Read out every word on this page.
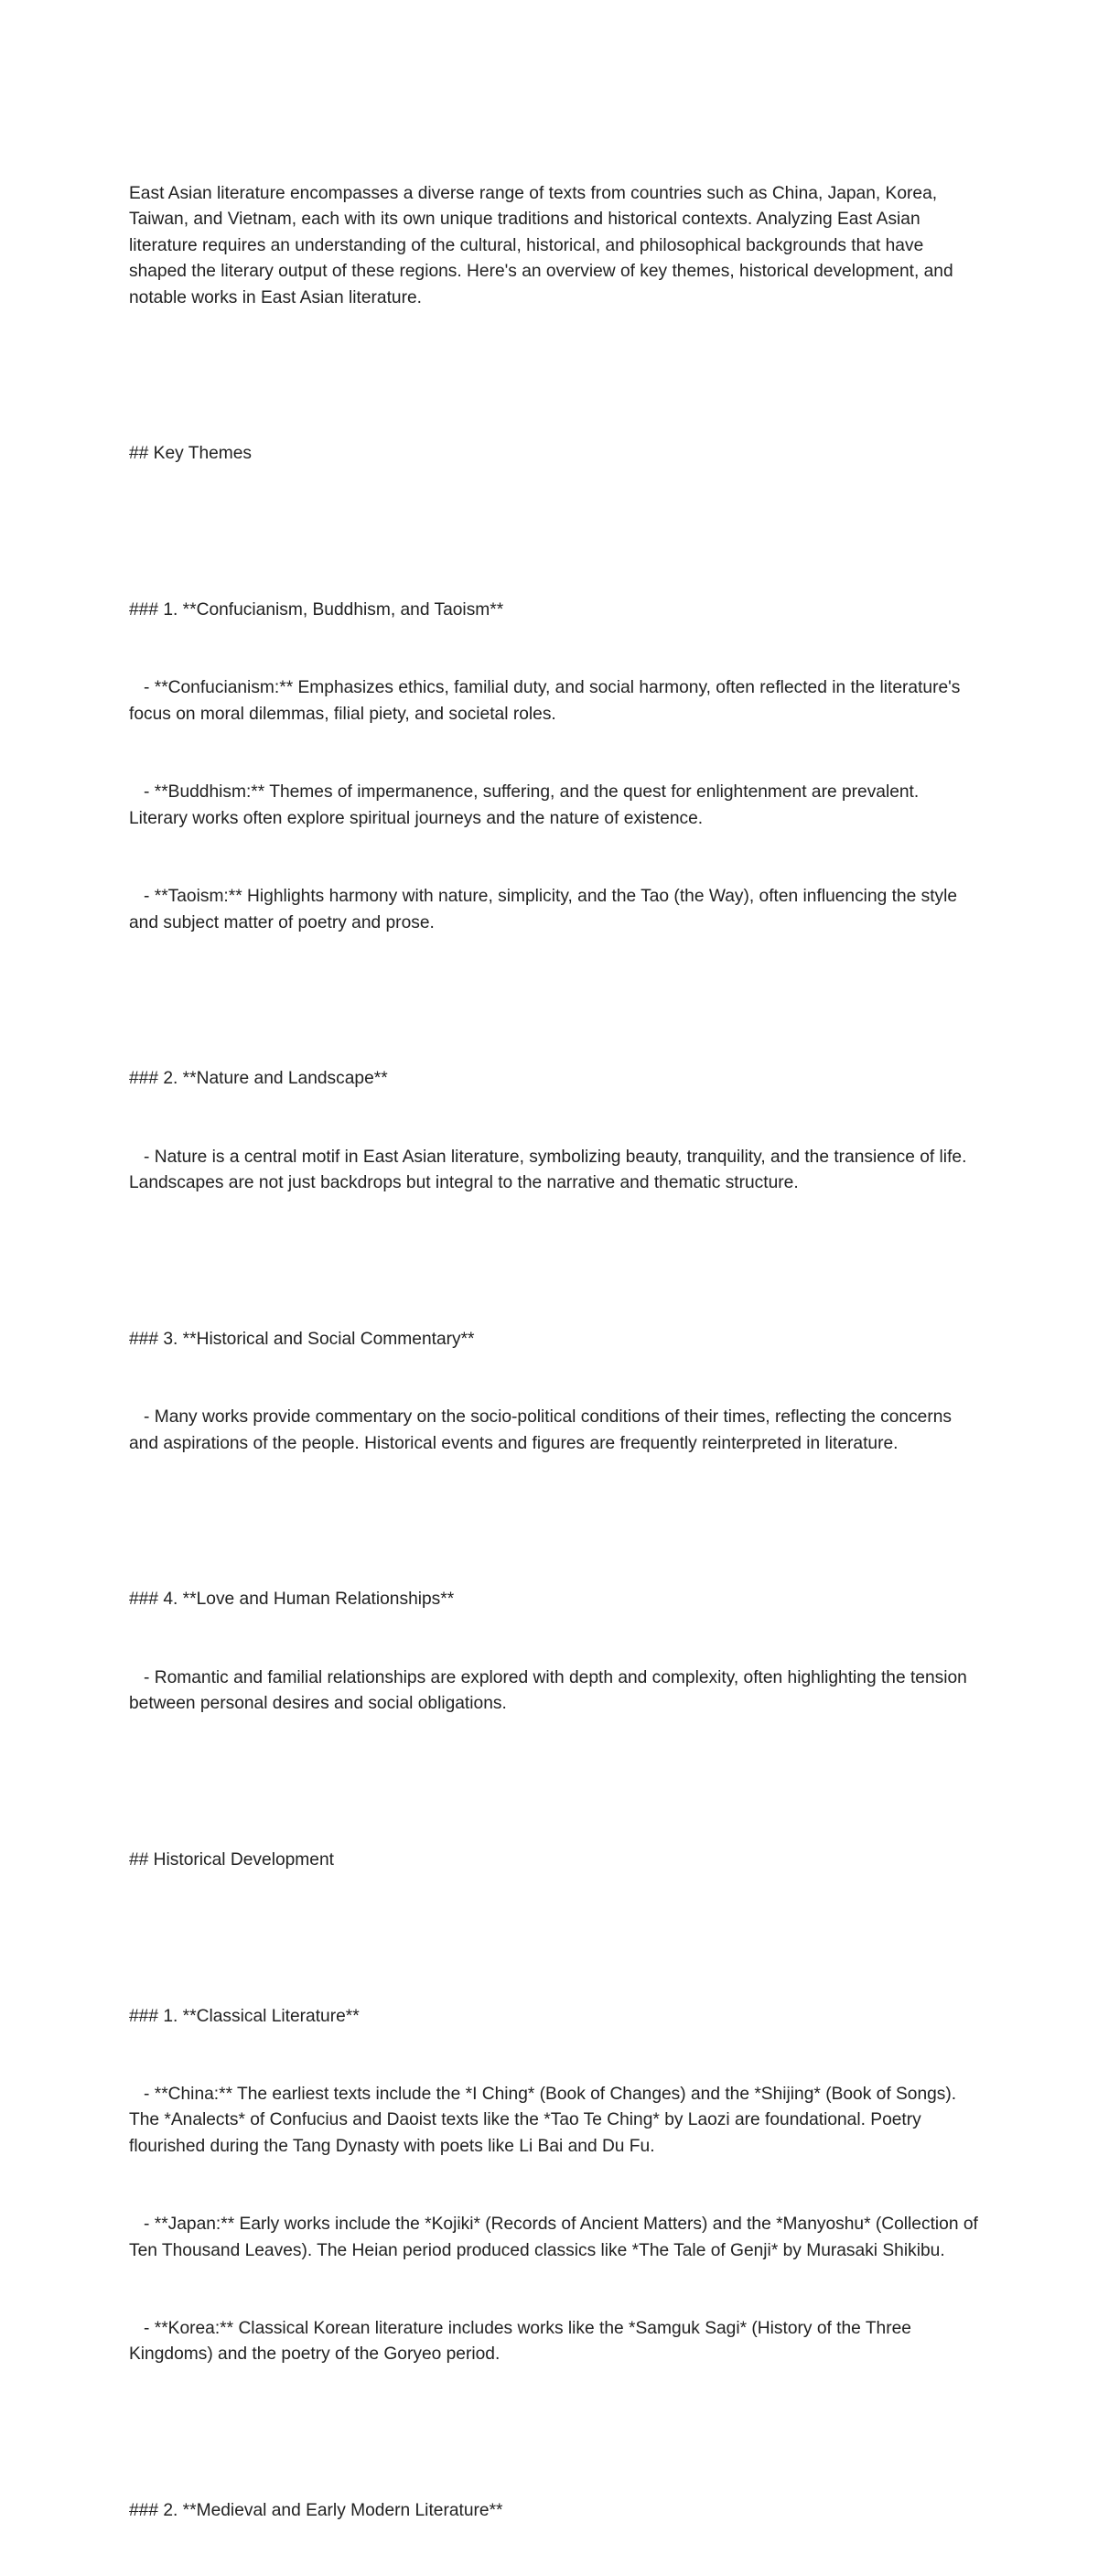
East Asian literature encompasses a diverse range of texts from countries such as China, Japan, Korea, Taiwan, and Vietnam, each with its own unique traditions and historical contexts. Analyzing East Asian literature requires an understanding of the cultural, historical, and philosophical backgrounds that have shaped the literary output of these regions. Here's an overview of key themes, historical development, and notable works in East Asian literature.

## Key Themes

### 1. **Confucianism, Buddhism, and Taoism**

- **Confucianism:** Emphasizes ethics, familial duty, and social harmony, often reflected in the literature's focus on moral dilemmas, filial piety, and societal roles.

- **Buddhism:** Themes of impermanence, suffering, and the quest for enlightenment are prevalent. Literary works often explore spiritual journeys and the nature of existence.

- **Taoism:** Highlights harmony with nature, simplicity, and the Tao (the Way), often influencing the style and subject matter of poetry and prose.

### 2. **Nature and Landscape**

- Nature is a central motif in East Asian literature, symbolizing beauty, tranquility, and the transience of life. Landscapes are not just backdrops but integral to the narrative and thematic structure.

### 3. **Historical and Social Commentary**

- Many works provide commentary on the socio-political conditions of their times, reflecting the concerns and aspirations of the people. Historical events and figures are frequently reinterpreted in literature.

### 4. **Love and Human Relationships**

- Romantic and familial relationships are explored with depth and complexity, often highlighting the tension between personal desires and social obligations.

## Historical Development

### 1. **Classical Literature**

- **China:** The earliest texts include the *I Ching* (Book of Changes) and the *Shijing* (Book of Songs). The *Analects* of Confucius and Daoist texts like the *Tao Te Ching* by Laozi are foundational. Poetry flourished during the Tang Dynasty with poets like Li Bai and Du Fu.

- **Japan:** Early works include the *Kojiki* (Records of Ancient Matters) and the *Manyoshu* (Collection of Ten Thousand Leaves). The Heian period produced classics like *The Tale of Genji* by Murasaki Shikibu.

- **Korea:** Classical Korean literature includes works like the *Samguk Sagi* (History of the Three Kingdoms) and the poetry of the Goryeo period.

### 2. **Medieval and Early Modern Literature**
